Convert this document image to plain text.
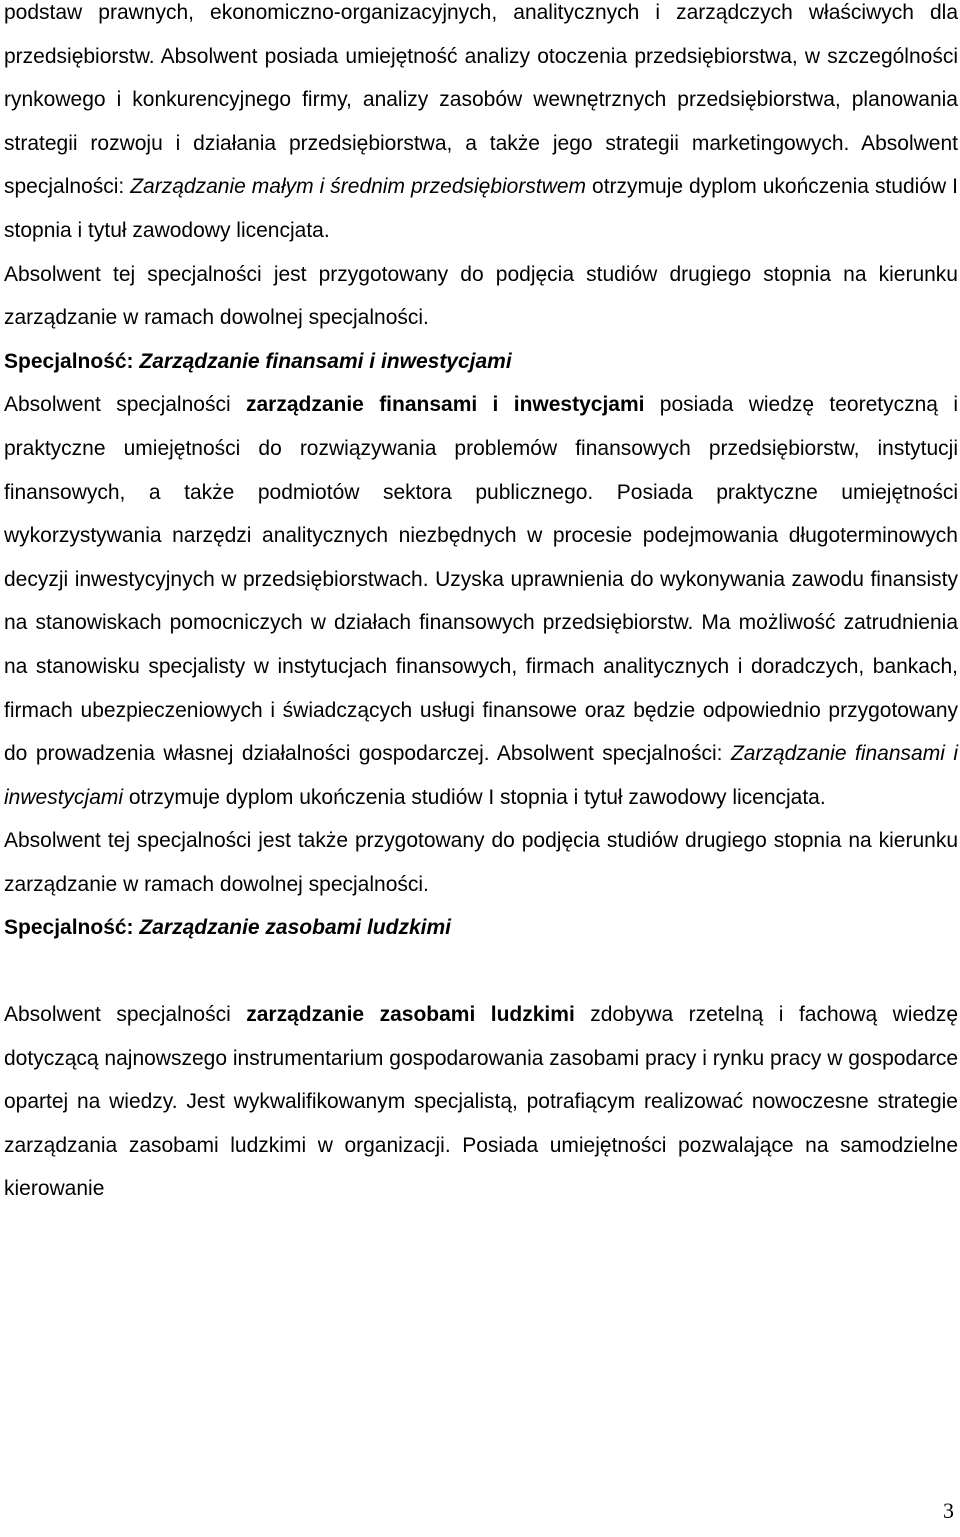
podstaw prawnych, ekonomiczno-organizacyjnych, analitycznych i zarządczych właściwych dla przedsiębiorstw. Absolwent posiada umiejętność analizy otoczenia przedsiębiorstwa, w szczególności rynkowego i konkurencyjnego firmy, analizy zasobów wewnętrznych przedsiębiorstwa, planowania strategii rozwoju i działania przedsiębiorstwa, a także jego strategii marketingowych. Absolwent specjalności: Zarządzanie małym i średnim przedsiębiorstwem otrzymuje dyplom ukończenia studiów I stopnia i tytuł zawodowy licencjata.

Absolwent tej specjalności jest przygotowany do podjęcia studiów drugiego stopnia na kierunku zarządzanie w ramach dowolnej specjalności.

Specjalność: Zarządzanie finansami i inwestycjami

Absolwent specjalności zarządzanie finansami i inwestycjami posiada wiedzę teoretyczną i praktyczne umiejętności do rozwiązywania problemów finansowych przedsiębiorstw, instytucji finansowych, a także podmiotów sektora publicznego. Posiada praktyczne umiejętności wykorzystywania narzędzi analitycznych niezbędnych w procesie podejmowania długoterminowych decyzji inwestycyjnych w przedsiębiorstwach. Uzyska uprawnienia do wykonywania zawodu finansisty na stanowiskach pomocniczych w działach finansowych przedsiębiorstw. Ma możliwość zatrudnienia na stanowisku specjalisty w instytucjach finansowych, firmach analitycznych i doradczych, bankach, firmach ubezpieczeniowych i świadczących usługi finansowe oraz będzie odpowiednio przygotowany do prowadzenia własnej działalności gospodarczej. Absolwent specjalności: Zarządzanie finansami i inwestycjami otrzymuje dyplom ukończenia studiów I stopnia i tytuł zawodowy licencjata.

Absolwent tej specjalności jest także przygotowany do podjęcia studiów drugiego stopnia na kierunku zarządzanie w ramach dowolnej specjalności.

Specjalność: Zarządzanie zasobami ludzkimi

Absolwent specjalności zarządzanie zasobami ludzkimi zdobywa rzetelną i fachową wiedzę dotyczącą najnowszego instrumentarium gospodarowania zasobami pracy i rynku pracy w gospodarce opartej na wiedzy. Jest wykwalifikowanym specjalistą, potrafiącym realizować nowoczesne strategie zarządzania zasobami ludzkimi w organizacji. Posiada umiejętności pozwalające na samodzielne kierowanie

3
